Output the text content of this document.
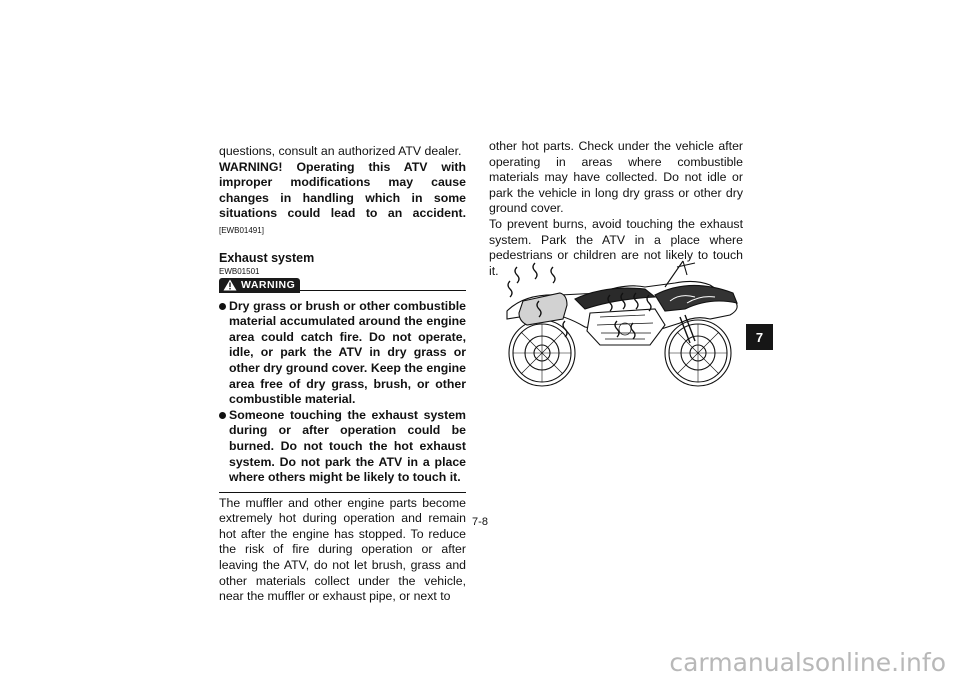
questions, consult an authorized ATV dealer.

WARNING! Operating this ATV with improper modifications may cause changes in handling which in some situations could lead to an accident. [EWB01491]

Exhaust system
EWB01501
WARNING
Dry grass or brush or other combustible material accumulated around the engine area could catch fire. Do not operate, idle, or park the ATV in dry grass or other dry ground cover. Keep the engine area free of dry grass, brush, or other combustible material.
Someone touching the exhaust system during or after operation could be burned. Do not touch the hot exhaust system. Do not park the ATV in a place where others might be likely to touch it.

The muffler and other engine parts become extremely hot during operation and remain hot after the engine has stopped. To reduce the risk of fire during operation or after leaving the ATV, do not let brush, grass and other materials collect under the vehicle, near the muffler or exhaust pipe, or next to

other hot parts. Check under the vehicle after operating in areas where combustible materials may have collected. Do not idle or park the vehicle in long dry grass or other dry ground cover.

To prevent burns, avoid touching the exhaust system. Park the ATV in a place where pedestrians or children are not likely to touch it.

7-8
7
carmanualsonline.info
